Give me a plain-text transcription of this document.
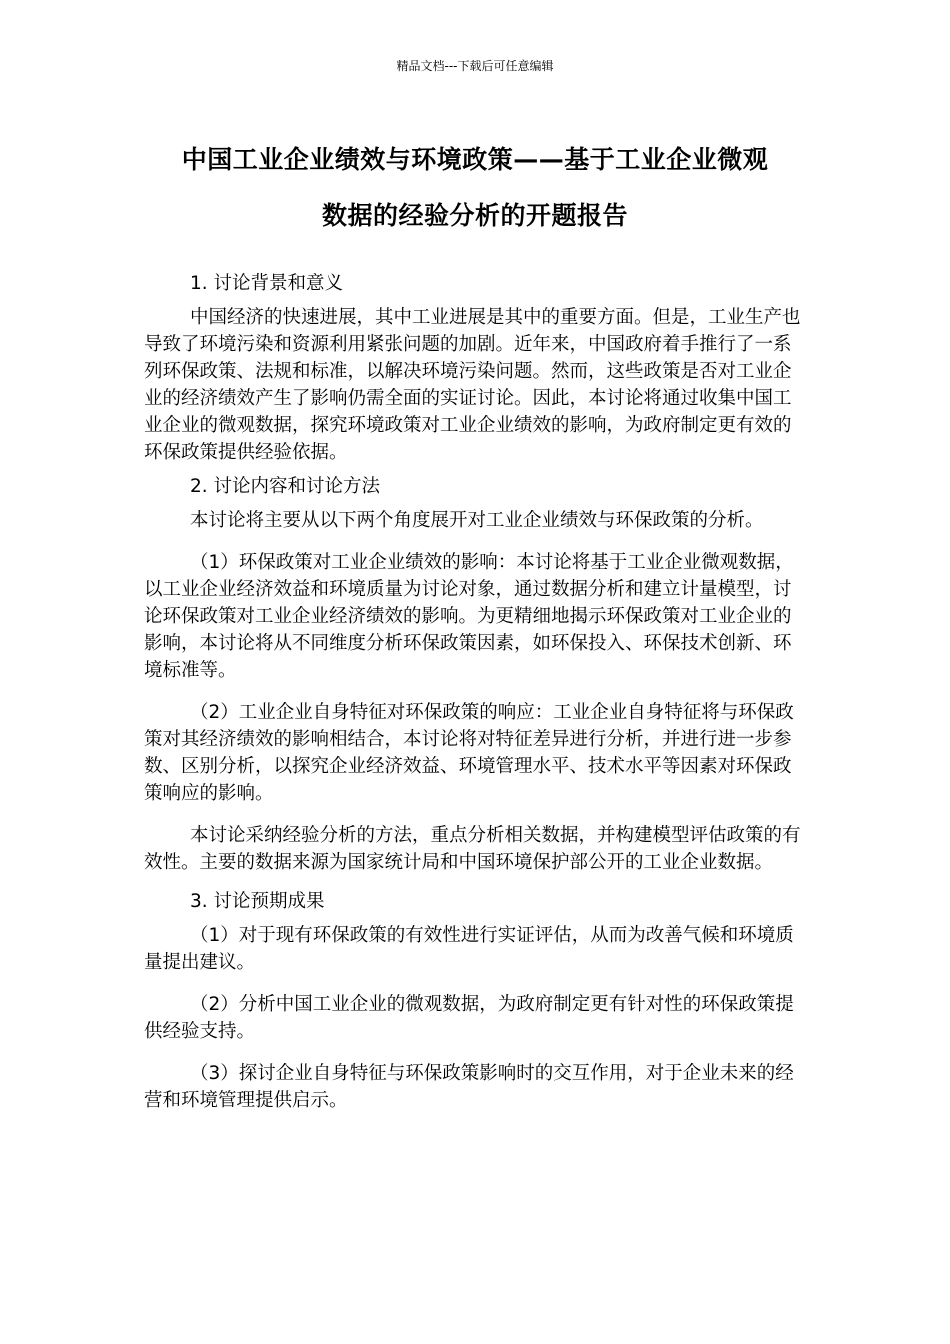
精品文档---下载后可任意编辑
中国工业企业绩效与环境政策——基于工业企业微观
数据的经验分析的开题报告

1. 讨论背景和意义

中国经济的快速进展，其中工业进展是其中的重要方面。但是，工业生产也导致了环境污染和资源利用紧张问题的加剧。近年来，中国政府着手推行了一系列环保政策、法规和标准，以解决环境污染问题。然而，这些政策是否对工业企业的经济绩效产生了影响仍需全面的实证讨论。因此，本讨论将通过收集中国工业企业的微观数据，探究环境政策对工业企业绩效的影响，为政府制定更有效的环保政策提供经验依据。

2. 讨论内容和讨论方法

本讨论将主要从以下两个角度展开对工业企业绩效与环保政策的分析。

（1）环保政策对工业企业绩效的影响：本讨论将基于工业企业微观数据，以工业企业经济效益和环境质量为讨论对象，通过数据分析和建立计量模型，讨论环保政策对工业企业经济绩效的影响。为更精细地揭示环保政策对工业企业的影响，本讨论将从不同维度分析环保政策因素，如环保投入、环保技术创新、环境标准等。

（2）工业企业自身特征对环保政策的响应：工业企业自身特征将与环保政策对其经济绩效的影响相结合，本讨论将对特征差异进行分析，并进行进一步参数、区别分析，以探究企业经济效益、环境管理水平、技术水平等因素对环保政策响应的影响。

本讨论采纳经验分析的方法，重点分析相关数据，并构建模型评估政策的有效性。主要的数据来源为国家统计局和中国环境保护部公开的工业企业数据。

3. 讨论预期成果

（1）对于现有环保政策的有效性进行实证评估，从而为改善气候和环境质量提出建议。

（2）分析中国工业企业的微观数据，为政府制定更有针对性的环保政策提供经验支持。

（3）探讨企业自身特征与环保政策影响时的交互作用，对于企业未来的经营和环境管理提供启示。
